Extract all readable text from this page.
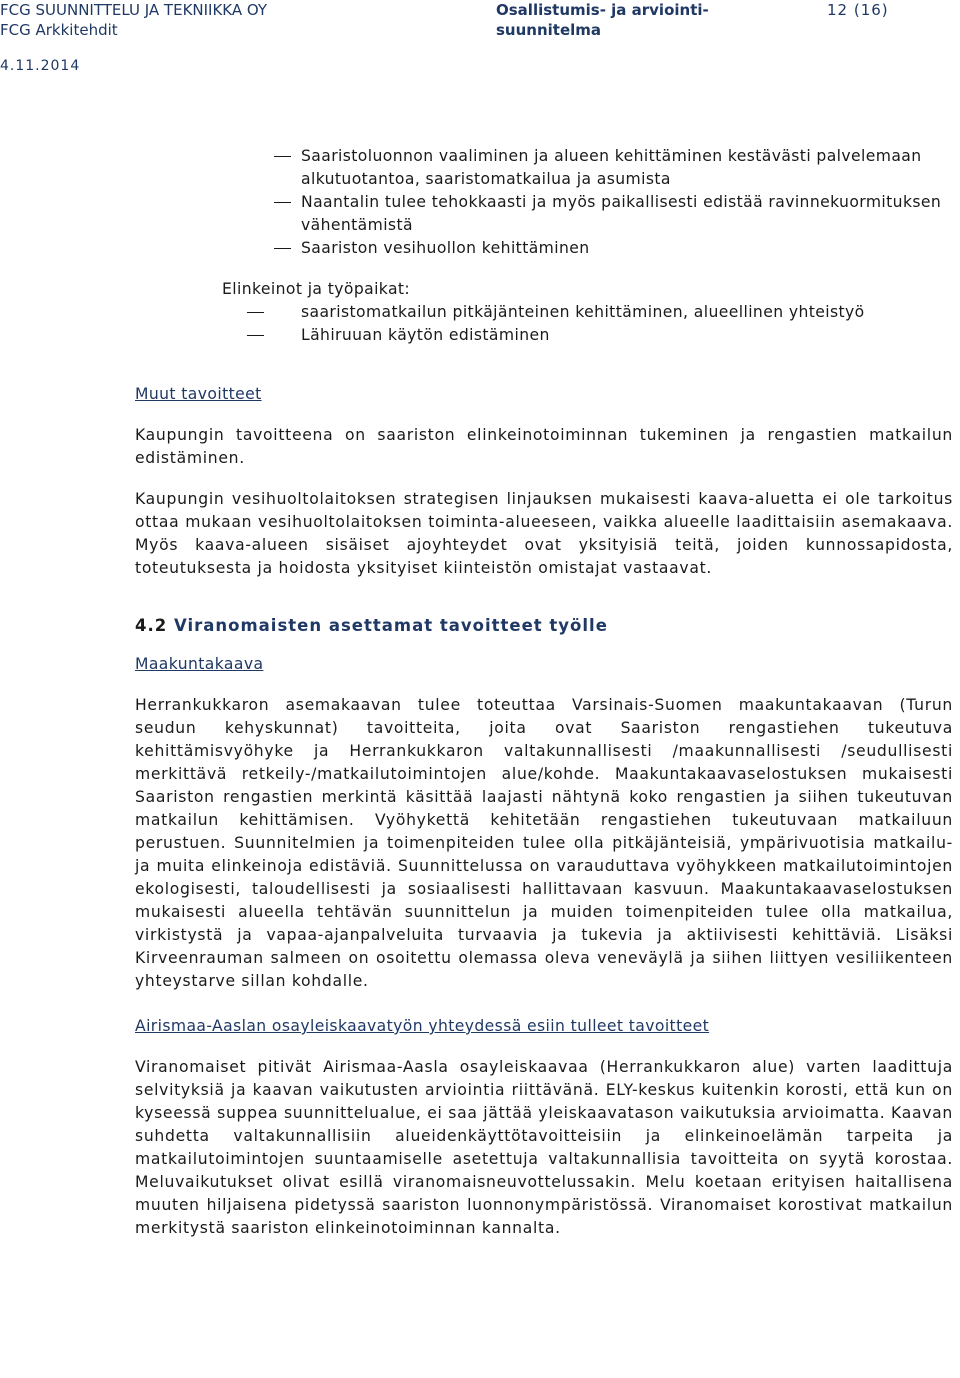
FCG SUUNNITTELU JA TEKNIIKKA OY
FCG Arkkitehdit
Osallistumis- ja arviointi-
suunnitelma
12 (16)
4.11.2014
Saaristoluonnon vaaliminen ja alueen kehittäminen kestävästi palvelemaan alkutuotantoa, saaristomatkailua ja asumista
Naantalin tulee tehokkaasti ja myös paikallisesti edistää ravinnekuormituksen vähentämistä
Saariston vesihuollon kehittäminen

Elinkeinot ja työpaikat:

saaristomatkailun pitkäjänteinen kehittäminen, alueellinen yhteistyö
Lähiruuan käytön edistäminen

Muut tavoitteet

Kaupungin tavoitteena on saariston elinkeinotoiminnan tukeminen ja rengastien matkailun edistäminen.

Kaupungin vesihuoltolaitoksen strategisen linjauksen mukaisesti kaava-aluetta ei ole tarkoitus ottaa mukaan vesihuoltolaitoksen toiminta-alueeseen, vaikka alueelle laadittaisiin asemakaava. Myös kaava-alueen sisäiset ajoyhteydet ovat yksityisiä teitä, joiden kunnossapidosta, toteutuksesta ja hoidosta yksityiset kiinteistön omistajat vastaavat.

4.2 Viranomaisten asettamat tavoitteet työlle

Maakuntakaava

Herrankukkaron asemakaavan tulee toteuttaa Varsinais-Suomen maakuntakaavan (Turun seudun kehyskunnat) tavoitteita, joita ovat Saariston rengastiehen tukeutuva kehittämisvyöhyke ja Herrankukkaron valtakunnallisesti /maakunnallisesti /seudullisesti merkittävä retkeily-/matkailutoimintojen alue/kohde. Maakuntakaavaselostuksen mukaisesti Saariston rengastien merkintä käsittää laajasti nähtynä koko rengastien ja siihen tukeutuvan matkailun kehittämisen. Vyöhykettä kehitetään rengastiehen tukeutuvaan matkailuun perustuen. Suunnitelmien ja toimenpiteiden tulee olla pitkäjänteisiä, ympärivuotisia matkailu- ja muita elinkeinoja edistäviä. Suunnittelussa on varauduttava vyöhykkeen matkailutoimintojen ekologisesti, taloudellisesti ja sosiaalisesti hallittavaan kasvuun. Maakuntakaavaselostuksen mukaisesti alueella tehtävän suunnittelun ja muiden toimenpiteiden tulee olla matkailua, virkistystä ja vapaa-ajanpalveluita turvaavia ja tukevia ja aktiivisesti kehittäviä. Lisäksi Kirveenrauman salmeen on osoitettu olemassa oleva veneväylä ja siihen liittyen vesiliikenteen yhteystarve sillan kohdalle.

Airismaa-Aaslan osayleiskaavatyön yhteydessä esiin tulleet tavoitteet

Viranomaiset pitivät Airismaa-Aasla osayleiskaavaa (Herrankukkaron alue) varten laadittuja selvityksiä ja kaavan vaikutusten arviointia riittävänä. ELY-keskus kuitenkin korosti, että kun on kyseessä suppea suunnittelualue, ei saa jättää yleiskaavatason vaikutuksia arvioimatta. Kaavan suhdetta valtakunnallisiin alueidenkäyttötavoitteisiin ja elinkeinoelämän tarpeita ja matkailutoimintojen suuntaamiselle asetettuja valtakunnallisia tavoitteita on syytä korostaa. Meluvaikutukset olivat esillä viranomaisneuvottelussakin. Melu koetaan erityisen haitallisena muuten hiljaisena pidetyssä saariston luonnonympäristössä. Viranomaiset korostivat matkailun merkitystä saariston elinkeinotoiminnan kannalta.
